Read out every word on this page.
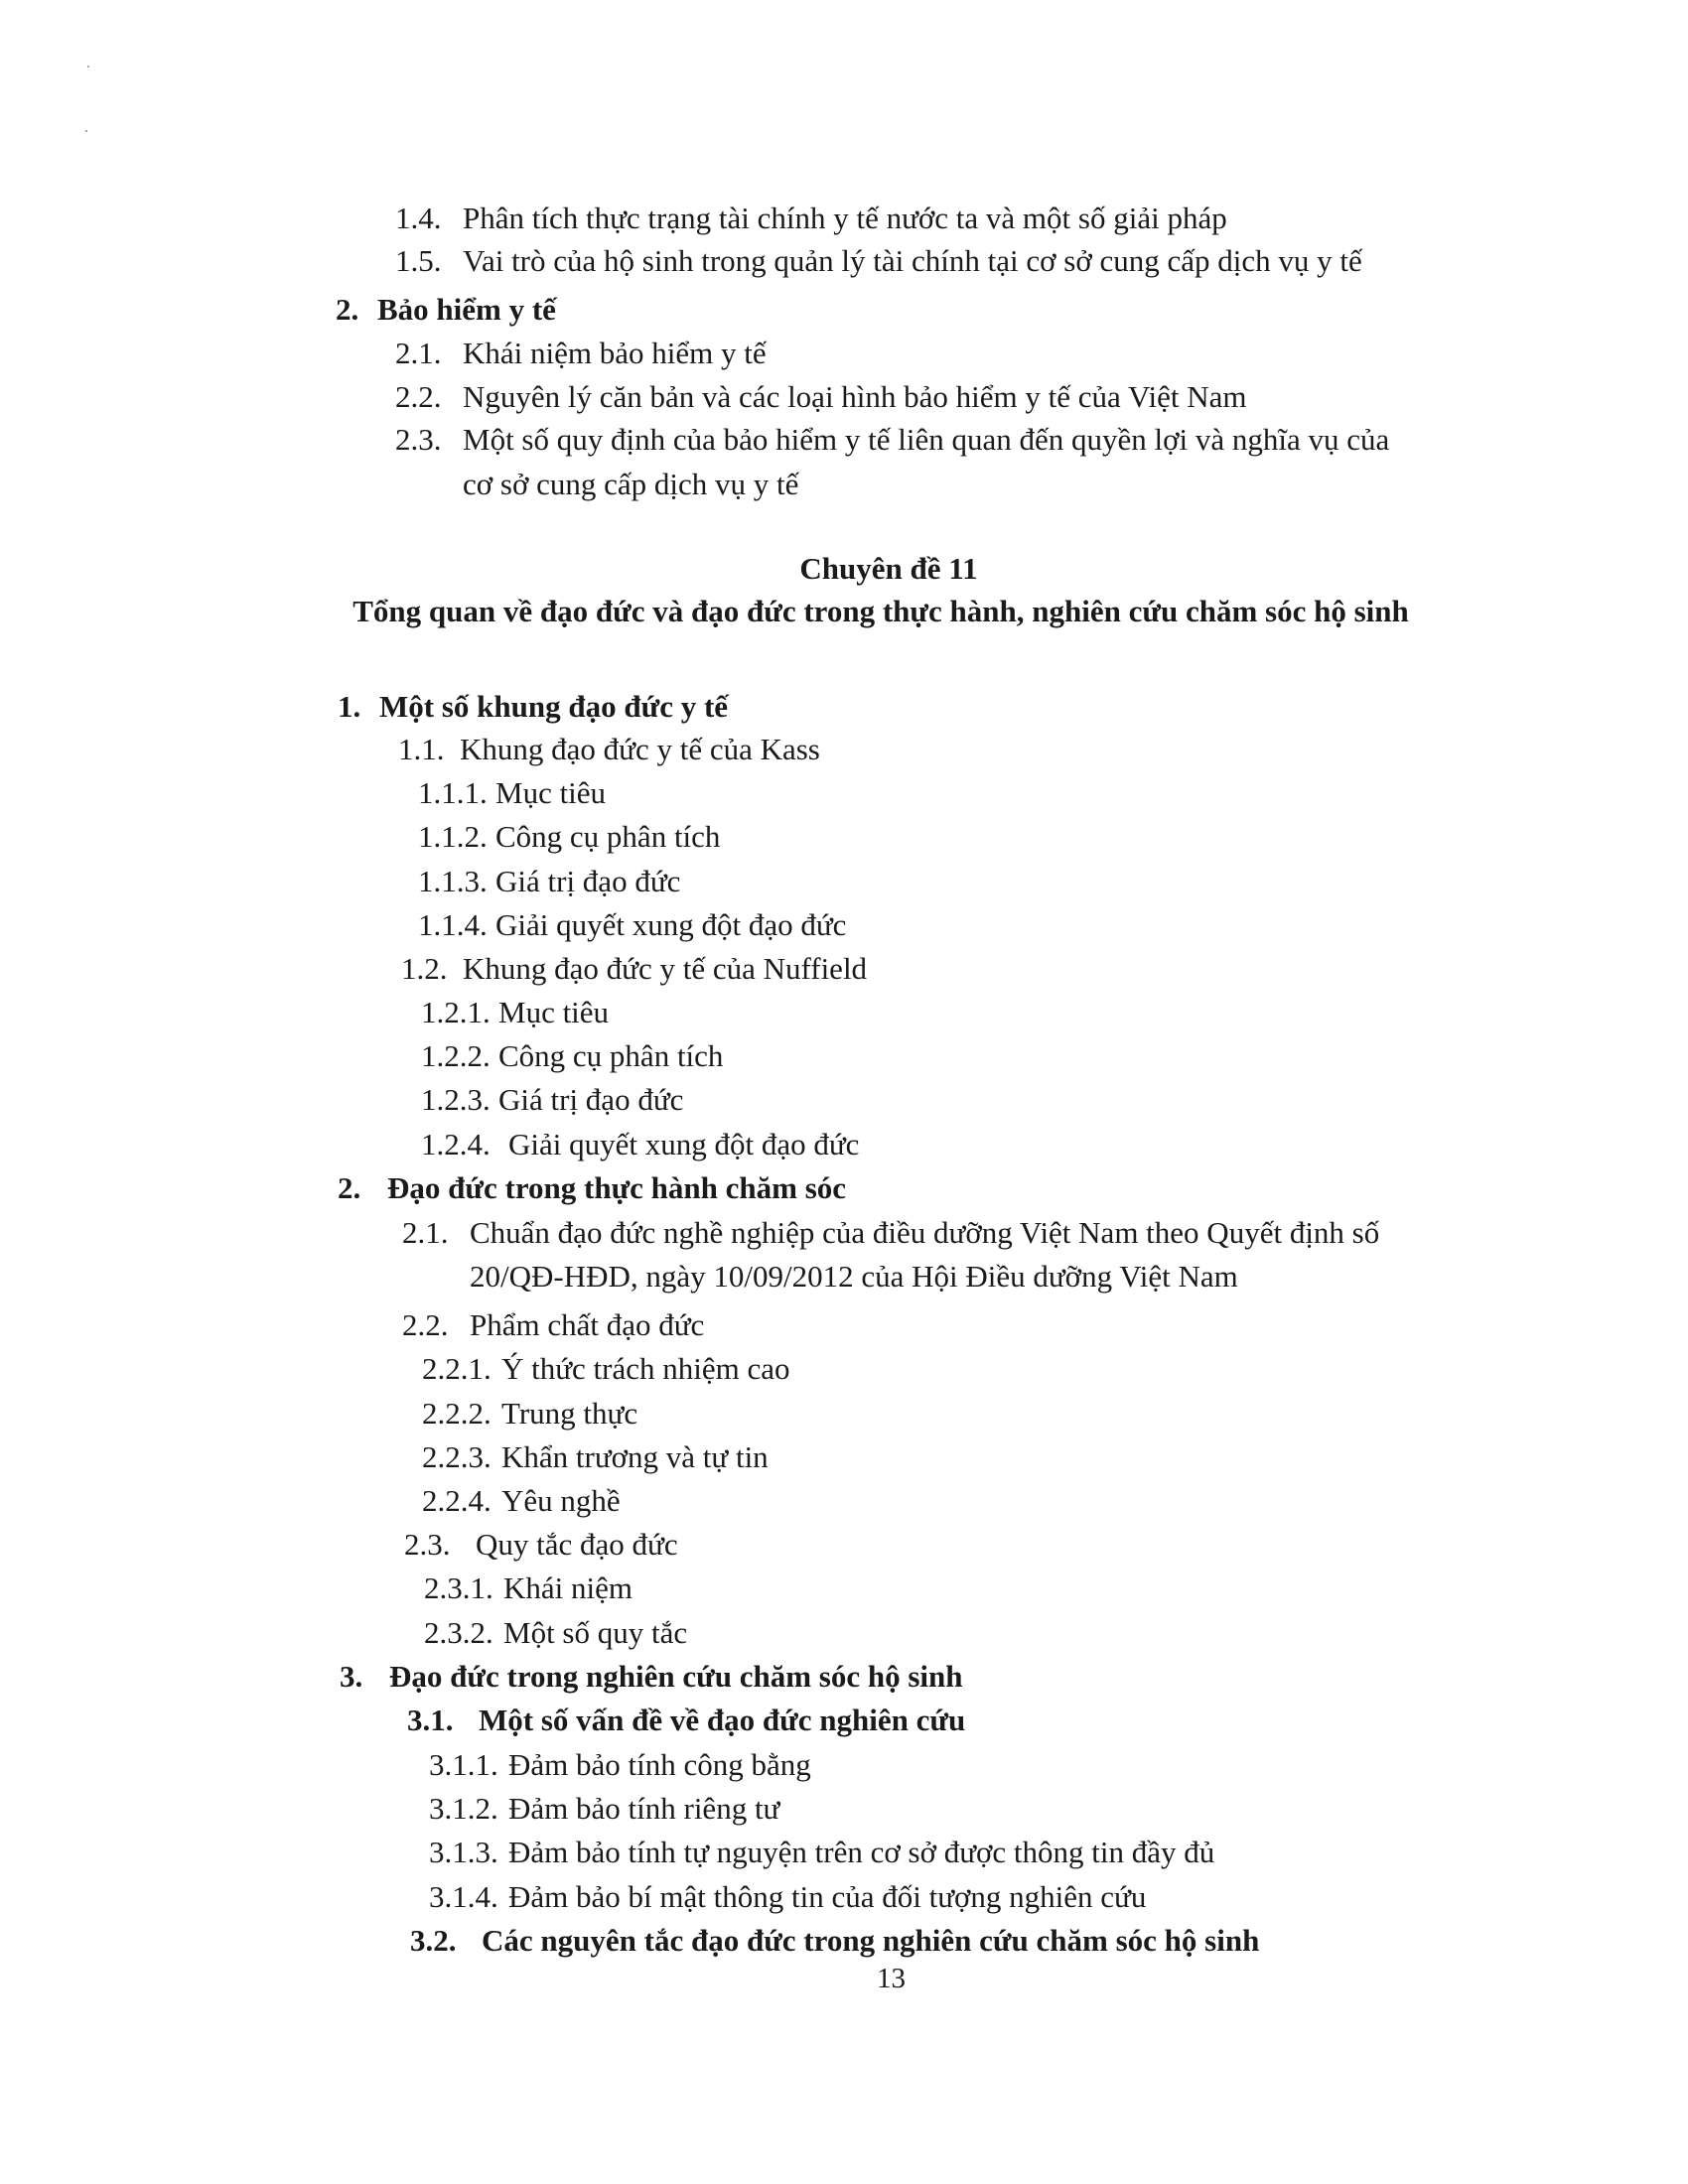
1.4. Phân tích thực trạng tài chính y tế nước ta và một số giải pháp
1.5. Vai trò của hộ sinh trong quản lý tài chính tại cơ sở cung cấp dịch vụ y tế
2. Bảo hiểm y tế
2.1. Khái niệm bảo hiểm y tế
2.2. Nguyên lý căn bản và các loại hình bảo hiểm y tế của Việt Nam
2.3. Một số quy định của bảo hiểm y tế liên quan đến quyền lợi và nghĩa vụ của
cơ sở cung cấp dịch vụ y tế
Chuyên đề 11
Tổng quan về đạo đức và đạo đức trong thực hành, nghiên cứu chăm sóc hộ sinh
1. Một số khung đạo đức y tế
1.1. Khung đạo đức y tế của Kass
1.1.1. Mục tiêu
1.1.2. Công cụ phân tích
1.1.3. Giá trị đạo đức
1.1.4. Giải quyết xung đột đạo đức
1.2. Khung đạo đức y tế của Nuffield
1.2.1. Mục tiêu
1.2.2. Công cụ phân tích
1.2.3. Giá trị đạo đức
1.2.4. Giải quyết xung đột đạo đức
2. Đạo đức trong thực hành chăm sóc
2.1. Chuẩn đạo đức nghề nghiệp của điều dưỡng Việt Nam theo Quyết định số
20/QĐ-HĐD, ngày 10/09/2012 của Hội Điều dưỡng Việt Nam
2.2. Phẩm chất đạo đức
2.2.1. Ý thức trách nhiệm cao
2.2.2. Trung thực
2.2.3. Khẩn trương và tự tin
2.2.4. Yêu nghề
2.3. Quy tắc đạo đức
2.3.1. Khái niệm
2.3.2. Một số quy tắc
3. Đạo đức trong nghiên cứu chăm sóc hộ sinh
3.1. Một số vấn đề về đạo đức nghiên cứu
3.1.1. Đảm bảo tính công bằng
3.1.2. Đảm bảo tính riêng tư
3.1.3. Đảm bảo tính tự nguyện trên cơ sở được thông tin đầy đủ
3.1.4. Đảm bảo bí mật thông tin của đối tượng nghiên cứu
3.2. Các nguyên tắc đạo đức trong nghiên cứu chăm sóc hộ sinh
13
